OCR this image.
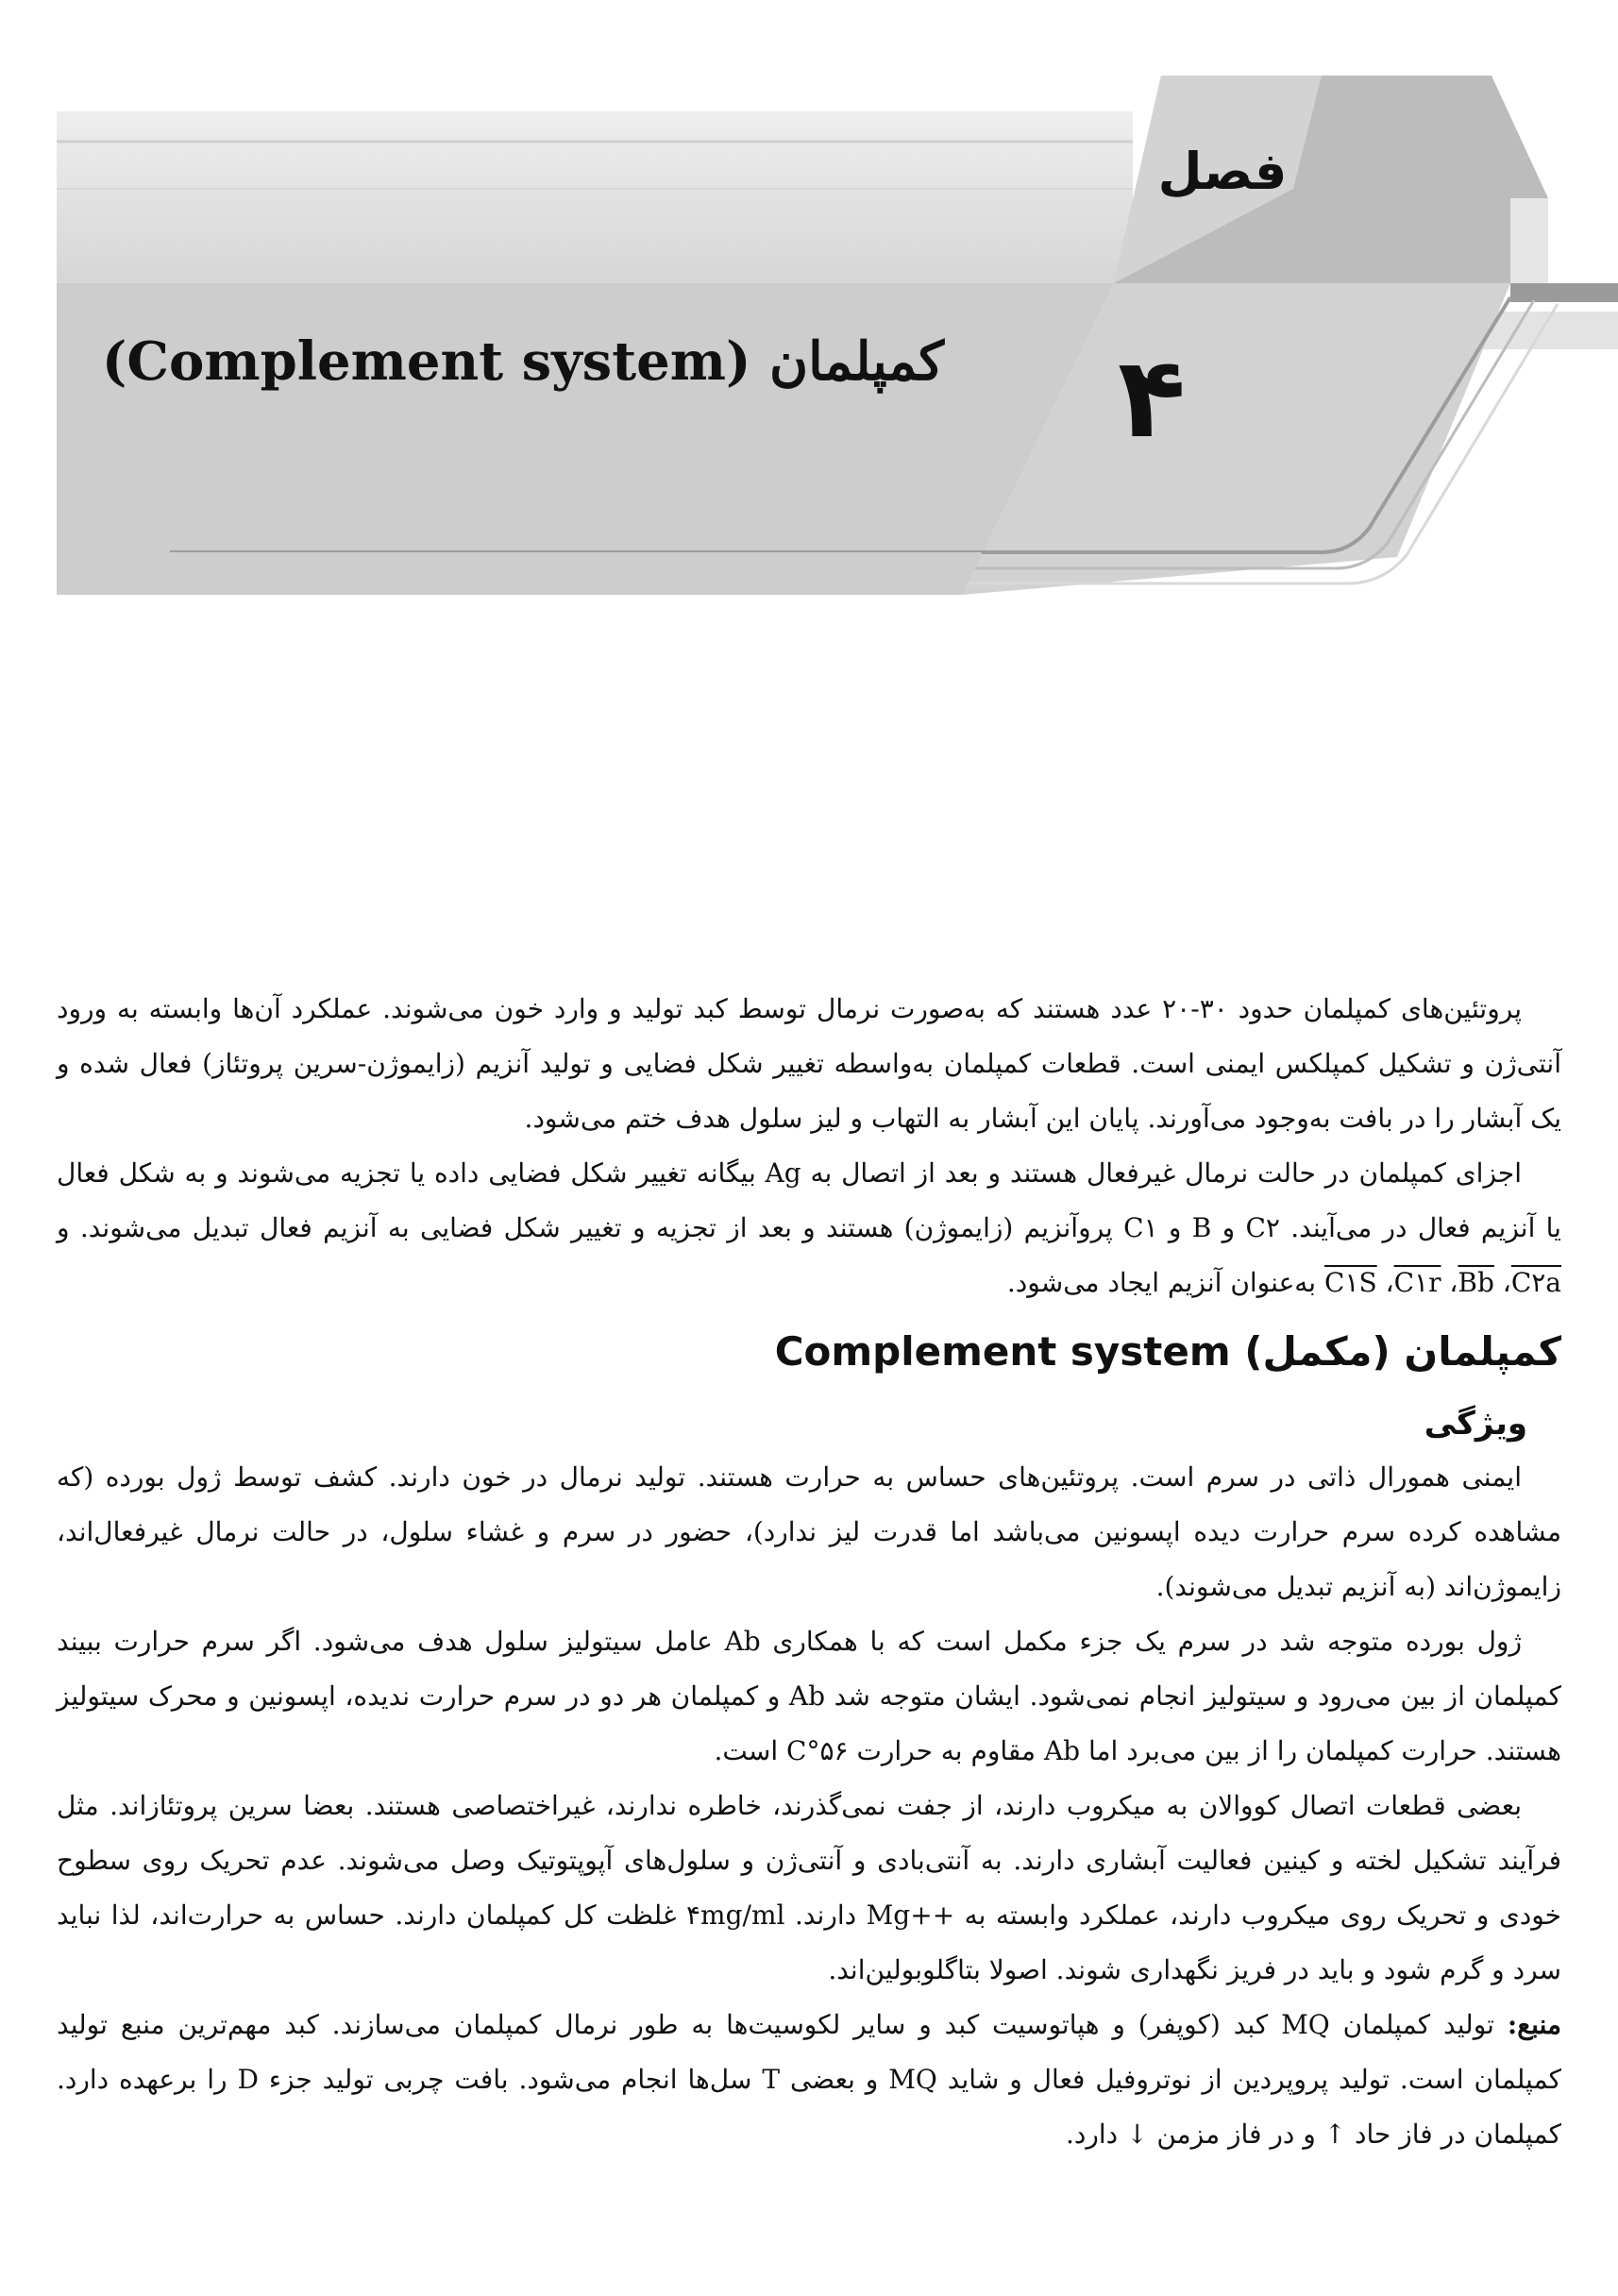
فصل
۴
کمپلمان (Complement system)

پروتئین‌های کمپلمان حدود ۳۰-۲۰ عدد هستند که به‌صورت نرمال توسط کبد تولید و وارد خون می‌شوند. عملکرد آن‌ها وابسته به ورود آنتی‌ژن و تشکیل کمپلکس ایمنی است. قطعات کمپلمان به‌واسطه تغییر شکل فضایی و تولید آنزیم (زایموژن-سرین پروتئاز) فعال شده و یک آبشار را در بافت به‌وجود می‌آورند. پایان این آبشار به التهاب و لیز سلول هدف ختم می‌شود.

اجزای کمپلمان در حالت نرمال غیرفعال هستند و بعد از اتصال به Ag بیگانه تغییر شکل فضایی داده یا تجزیه می‌شوند و به شکل فعال یا آنزیم فعال در می‌آیند. C۲ و B و C۱ پروآنزیم (زایموژن) هستند و بعد از تجزیه و تغییر شکل فضایی به آنزیم فعال تبدیل می‌شوند. و C۲a، $\overline{Bb}،$ C۱r، C۱S به‌عنوان آنزیم ایجاد می‌شود.

کمپلمان (مکمل) Complement system
ویژگی

ایمنی همورال ذاتی در سرم است. پروتئین‌های حساس به حرارت هستند. تولید نرمال در خون دارند. کشف توسط ژول بورده (که مشاهده کرده سرم حرارت دیده اپسونین می‌باشد اما قدرت لیز ندارد)، حضور در سرم و غشاء سلول، در حالت نرمال غیرفعال‌اند، زایموژن‌اند (به آنزیم تبدیل می‌شوند).

ژول بورده متوجه شد در سرم یک جزء مکمل است که با همکاری Ab عامل سیتولیز سلول هدف می‌شود. اگر سرم حرارت ببیند کمپلمان از بین می‌رود و سیتولیز انجام نمی‌شود. ایشان متوجه شد Ab و کمپلمان هر دو در سرم حرارت ندیده، اپسونین و محرک سیتولیز هستند. حرارت کمپلمان را از بین می‌برد اما Ab مقاوم به حرارت ۵۶°C است.

بعضی قطعات اتصال کووالان به میکروب دارند، از جفت نمی‌گذرند، خاطره ندارند، غیراختصاصی هستند. بعضا سرین پروتئازاند. مثل فرآیند تشکیل لخته و کینین فعالیت آبشاری دارند. به آنتی‌بادی و آنتی‌ژن و سلول‌های آپوپتوتیک وصل می‌شوند. عدم تحریک روی سطوح خودی و تحریک روی میکروب دارند، عملکرد وابسته به ++Mg دارند. ۴mg/ml غلظت کل کمپلمان دارند. حساس به حرارت‌اند، لذا نباید سرد و گرم شود و باید در فریز نگهداری شوند. اصولا بتاگلوبولین‌اند.

منبع: تولید کمپلمان MQ کبد (کوپفر) و هپاتوسیت کبد و سایر لکوسیت‌ها به طور نرمال کمپلمان می‌سازند. کبد مهم‌ترین منبع تولید کمپلمان است. تولید پروپردین از نوتروفیل فعال و شاید MQ و بعضی T سل‌ها انجام می‌شود. بافت چربی تولید جزء D را برعهده دارد. کمپلمان در فاز حاد ↑ و در فاز مزمن ↓ دارد.
